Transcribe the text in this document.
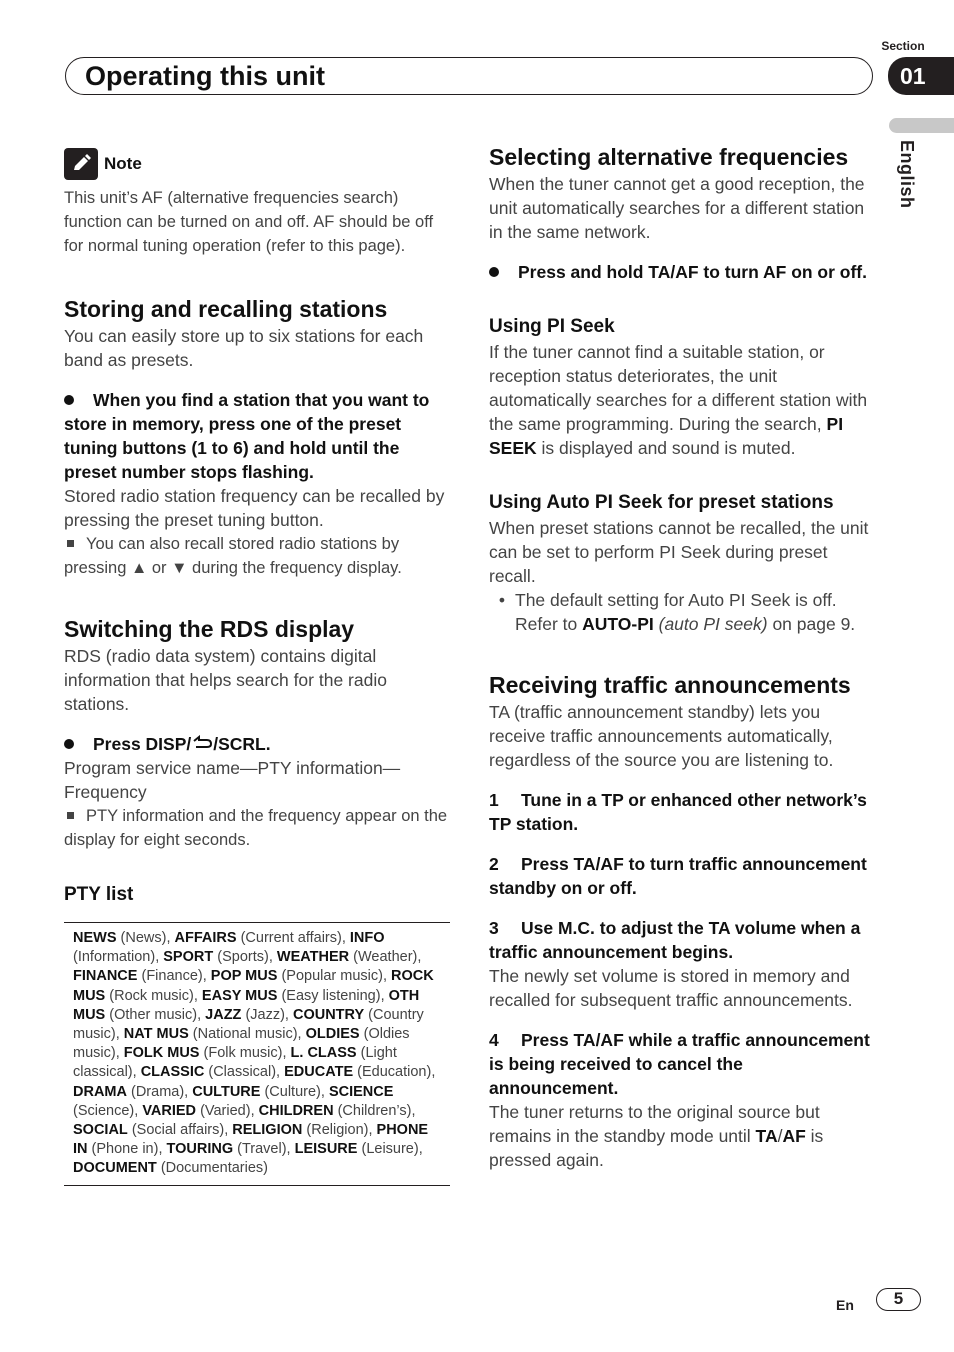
Operating this unit
Section
01
English
Note

This unit’s AF (alternative frequencies search) function can be turned on and off. AF should be off for normal tuning operation (refer to this page).

Storing and recalling stations

You can easily store up to six stations for each band as presets.

When you find a station that you want to store in memory, press one of the preset tuning buttons (1 to 6) and hold until the preset number stops flashing.

Stored radio station frequency can be recalled by pressing the preset tuning button.

You can also recall stored radio stations by pressing ▲ or ▼ during the frequency display.

Switching the RDS display

RDS (radio data system) contains digital information that helps search for the radio stations.

Press DISP/ /SCRL.

Program service name—PTY information—Frequency

PTY information and the frequency appear on the display for eight seconds.

PTY list

NEWS (News), AFFAIRS (Current affairs), INFO (Information), SPORT (Sports), WEATHER (Weather), FINANCE (Finance), POP MUS (Popular music), ROCK MUS (Rock music), EASY MUS (Easy listening), OTH MUS (Other music), JAZZ (Jazz), COUNTRY (Country music), NAT MUS (National music), OLDIES (Oldies music), FOLK MUS (Folk music), L. CLASS (Light classical), CLASSIC (Classical), EDUCATE (Education), DRAMA (Drama), CULTURE (Culture), SCIENCE (Science), VARIED (Varied), CHILDREN (Children’s), SOCIAL (Social affairs), RELIGION (Religion), PHONE IN (Phone in), TOURING (Travel), LEISURE (Leisure), DOCUMENT (Documentaries)

Selecting alternative frequencies

When the tuner cannot get a good reception, the unit automatically searches for a different station in the same network.

Press and hold TA/AF to turn AF on or off.

Using PI Seek

If the tuner cannot find a suitable station, or reception status deteriorates, the unit automatically searches for a different station with the same programming. During the search, PI SEEK is displayed and sound is muted.

Using Auto PI Seek for preset stations

When preset stations cannot be recalled, the unit can be set to perform PI Seek during preset recall.

• The default setting for Auto PI Seek is off. Refer to AUTO-PI (auto PI seek) on page 9.

Receiving traffic announcements

TA (traffic announcement standby) lets you receive traffic announcements automatically, regardless of the source you are listening to.

1 Tune in a TP or enhanced other network’s TP station.

2 Press TA/AF to turn traffic announcement standby on or off.

3 Use M.C. to adjust the TA volume when a traffic announcement begins.

The newly set volume is stored in memory and recalled for subsequent traffic announcements.

4 Press TA/AF while a traffic announcement is being received to cancel the announcement.

The tuner returns to the original source but remains in the standby mode until TA/AF is pressed again.

En	5
